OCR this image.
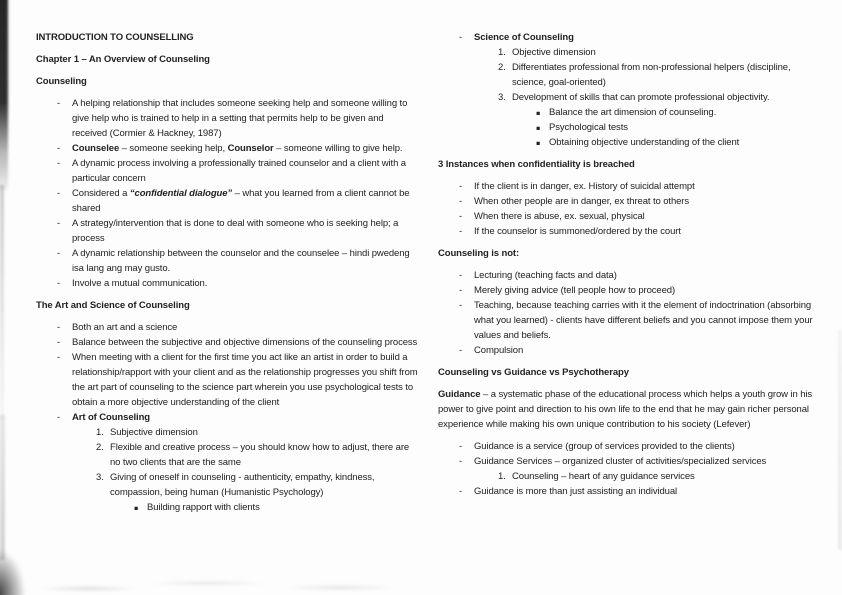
INTRODUCTION TO COUNSELLING

Chapter 1 – An Overview of Counseling

Counseling

- A helping relationship that includes someone seeking help and someone willing to give help who is trained to help in a setting that permits help to be given and received (Cormier & Hackney, 1987)
- Counselee – someone seeking help, Counselor – someone willing to give help.
- A dynamic process involving a professionally trained counselor and a client with a particular concern
- Considered a “confidential dialogue” – what you learned from a client cannot be shared
- A strategy/intervention that is done to deal with someone who is seeking help; a process
- A dynamic relationship between the counselor and the counselee – hindi pwedeng isa lang ang may gusto.
- Involve a mutual communication.

The Art and Science of Counseling

- Both an art and a science
- Balance between the subjective and objective dimensions of the counseling process
- When meeting with a client for the first time you act like an artist in order to build a relationship/rapport with your client and as the relationship progresses you shift from the art part of counseling to the science part wherein you use psychological tests to obtain a more objective understanding of the client
- Art of Counseling
1. Subjective dimension
2. Flexible and creative process – you should know how to adjust, there are no two clients that are the same
3. Giving of oneself in counseling - authenticity, empathy, kindness, compassion, being human (Humanistic Psychology)
▪ Building rapport with clients
- Science of Counseling
1. Objective dimension
2. Differentiates professional from non-professional helpers (discipline, science, goal-oriented)
3. Development of skills that can promote professional objectivity.
▪ Balance the art dimension of counseling.
▪ Psychological tests
▪ Obtaining objective understanding of the client

3 Instances when confidentiality is breached

- If the client is in danger, ex. History of suicidal attempt
- When other people are in danger, ex threat to others
- When there is abuse, ex. sexual, physical
- If the counselor is summoned/ordered by the court

Counseling is not:

- Lecturing (teaching facts and data)
- Merely giving advice (tell people how to proceed)
- Teaching, because teaching carries with it the element of indoctrination (absorbing what you learned) - clients have different beliefs and you cannot impose them your values and beliefs.
- Compulsion

Counseling vs Guidance vs Psychotherapy

Guidance – a systematic phase of the educational process which helps a youth grow in his power to give point and direction to his own life to the end that he may gain richer personal experience while making his own unique contribution to his society (Lefever)

- Guidance is a service (group of services provided to the clients)
- Guidance Services – organized cluster of activities/specialized services
1. Counseling – heart of any guidance services
- Guidance is more than just assisting an individual
